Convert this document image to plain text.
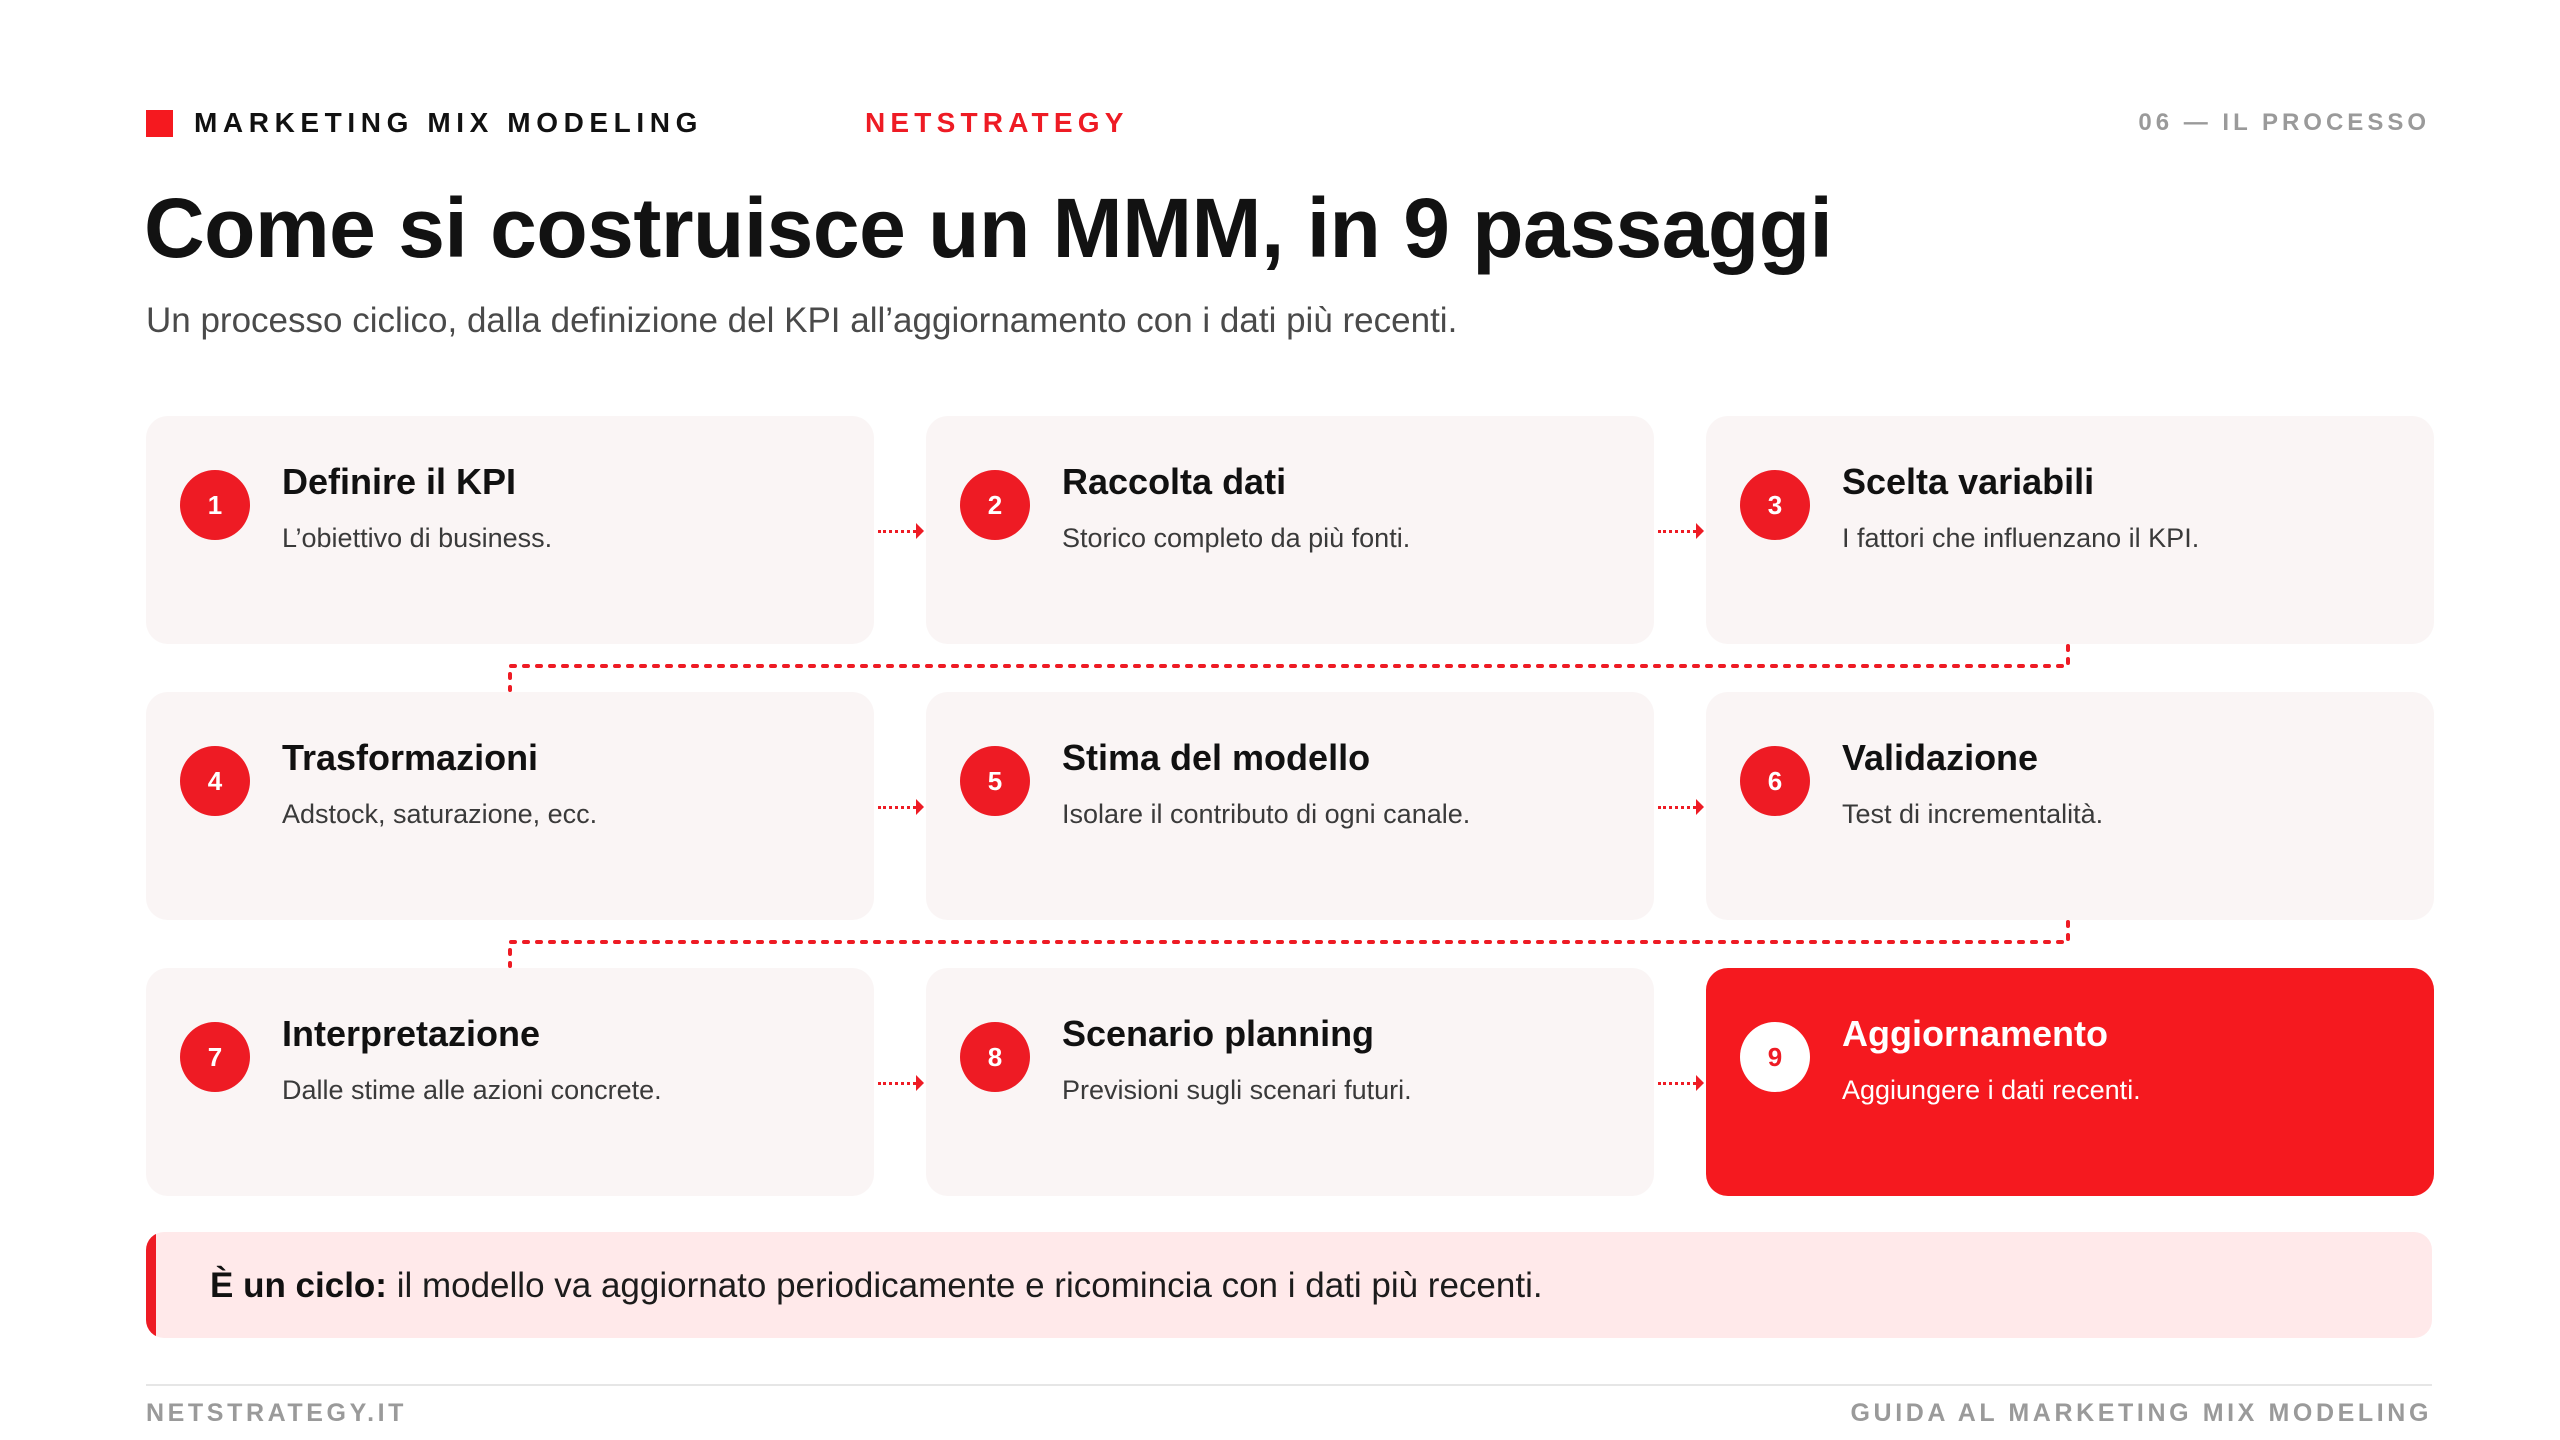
MARKETING MIX MODELING	NETSTRATEGY	06 — IL PROCESSO
Come si costruisce un MMM, in 9 passaggi

Un processo ciclico, dalla definizione del KPI all’aggiornamento con i dati più recenti.

1
Definire il KPI
L’obiettivo di business.
2
Raccolta dati
Storico completo da più fonti.
3
Scelta variabili
I fattori che influenzano il KPI.
4
Trasformazioni
Adstock, saturazione, ecc.
5
Stima del modello
Isolare il contributo di ogni canale.
6
Validazione
Test di incrementalità.
7
Interpretazione
Dalle stime alle azioni concrete.
8
Scenario planning
Previsioni sugli scenari futuri.
9
Aggiornamento
Aggiungere i dati recenti.
È un ciclo: il modello va aggiornato periodicamente e ricomincia con i dati più recenti.
NETSTRATEGY.IT	GUIDA AL MARKETING MIX MODELING
